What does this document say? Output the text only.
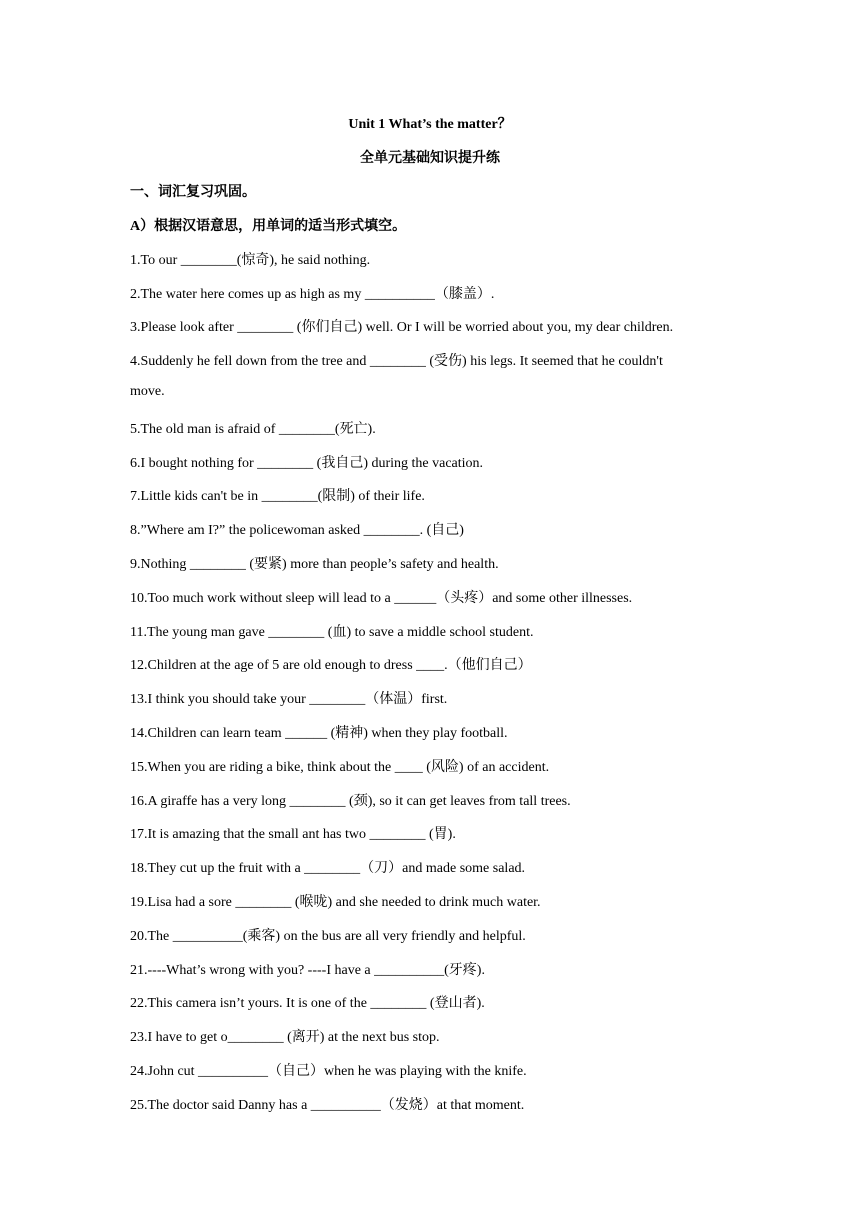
Unit 1 What’s the matter？
全单元基础知识提升练
一、词汇复习巩固。
A）根据汉语意思，用单词的适当形式填空。
1.To our ________(惊奇), he said nothing.
2.The water here comes up as high as my __________（膝盖）.
3.Please look after ________ (你们自己) well. Or I will be worried about you, my dear children.
4.Suddenly he fell down from the tree and ________ (受伤) his legs. It seemed that he couldn't
move.
5.The old man is afraid of ________(死亡).
6.I bought nothing for ________ (我自己) during the vacation.
7.Little kids can't be in ________(限制) of their life.
8.”Where am I?” the policewoman asked ________. (自己)
9.Nothing ________ (要紧) more than people’s safety and health.
10.Too much work without sleep will lead to a ______（头疼）and some other illnesses.
11.The young man gave ________ (血) to save a middle school student.
12.Children at the age of 5 are old enough to dress ____.（他们自己）
13.I think you should take your ________（体温）first.
14.Children can learn team ______ (精神) when they play football.
15.When you are riding a bike, think about the ____ (风险) of an accident.
16.A giraffe has a very long ________ (颈), so it can get leaves from tall trees.
17.It is amazing that the small ant has two ________ (胃).
18.They cut up the fruit with a ________（刀）and made some salad.
19.Lisa had a sore ________ (喉咙) and she needed to drink much water.
20.The __________(乘客) on the bus are all very friendly and helpful.
21.----What’s wrong with you? ----I have a __________(牙疼).
22.This camera isn’t yours. It is one of the ________ (登山者).
23.I have to get o________ (离开) at the next bus stop.
24.John cut __________（自己）when he was playing with the knife.
25.The doctor said Danny has a __________（发烧）at that moment.
